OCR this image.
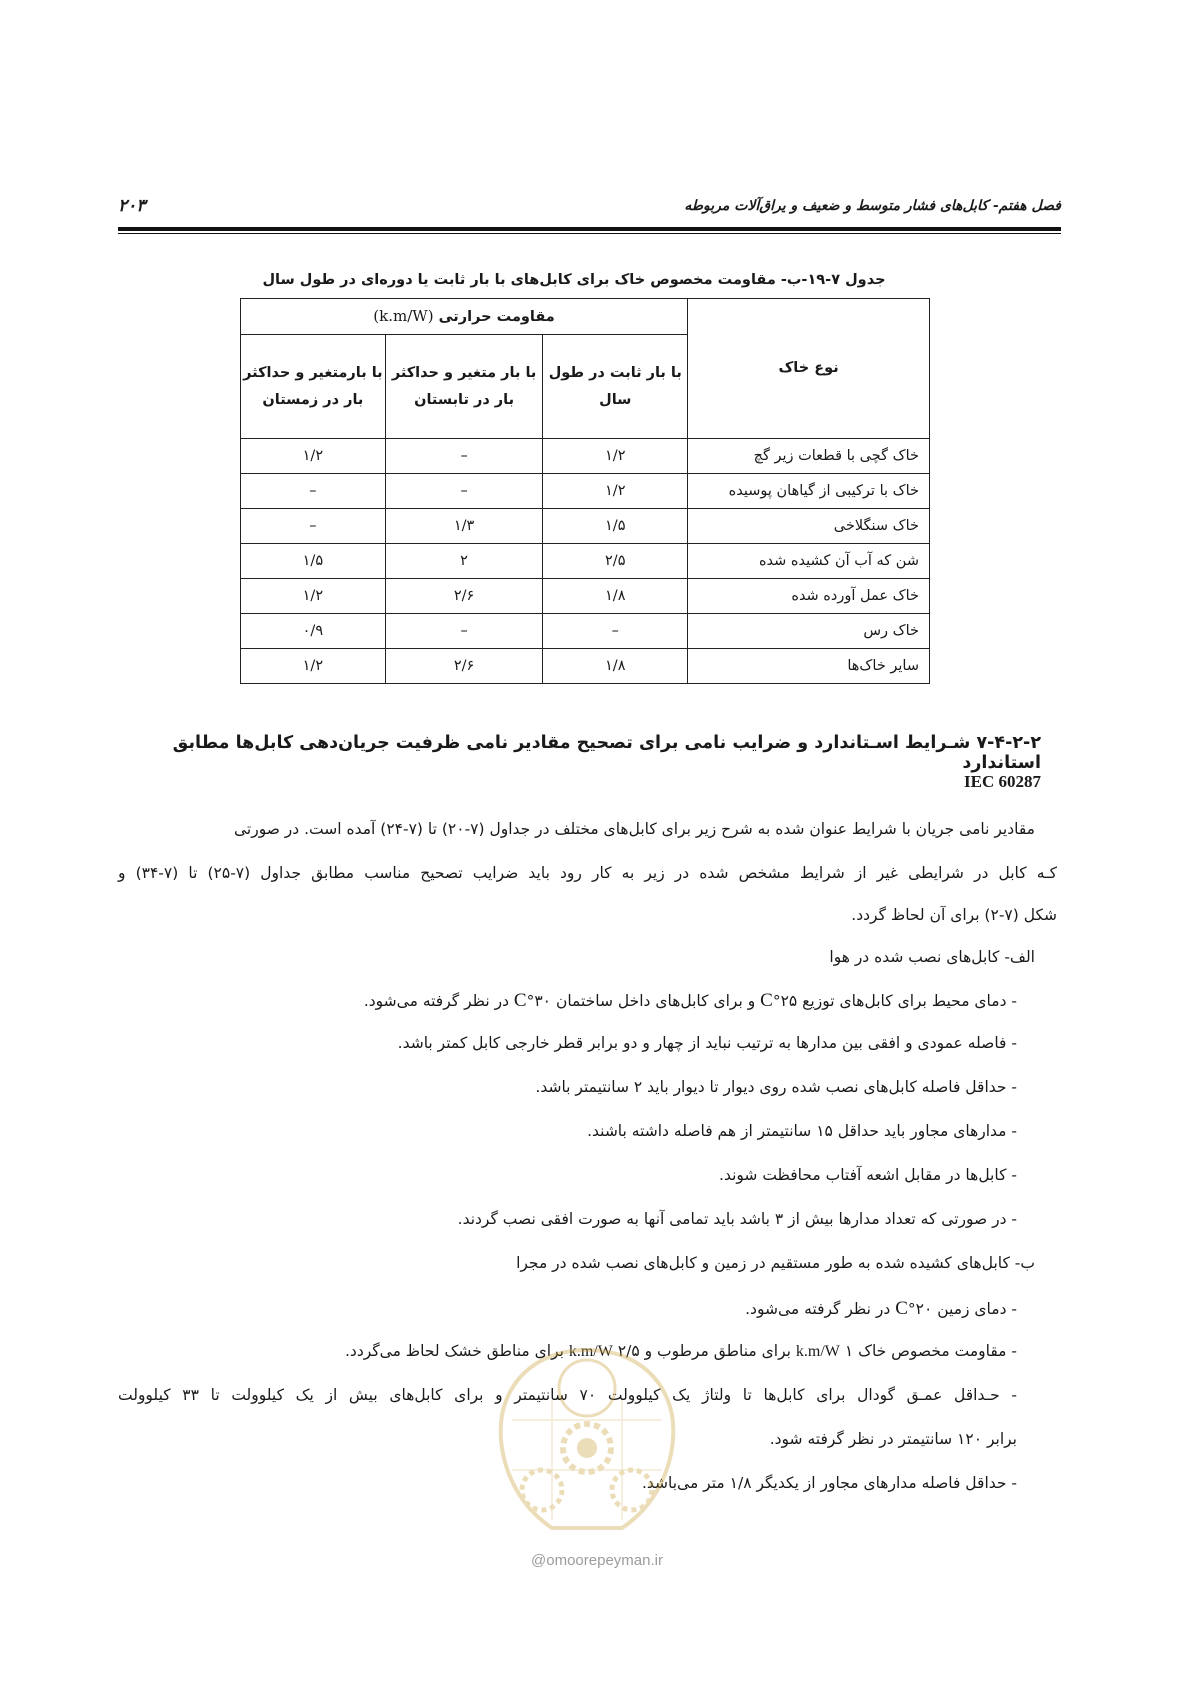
فصل هفتم- کابل‌های فشار متوسط و ضعیف و یراق‌آلات مربوطه
۲۰۳
جدول ۷-۱۹-ب- مقاومت مخصوص خاک برای کابل‌های با بار ثابت یا دوره‌ای در طول سال
نوع خاک	مقاومت حرارتی (k.m/W)		
	با بار ثابت در طول سال	با بار متغیر و حداکثر بار در تابستان	با بارمتغیر و حداکثر بار در زمستان
خاک گچی با قطعات زیر گچ	۱/۲	–	۱/۲
خاک با ترکیبی از گیاهان پوسیده	۱/۲	–	–
خاک سنگلاخی	۱/۵	۱/۳	–
شن که آب آن کشیده شده	۲/۵	۲	۱/۵
خاک عمل آورده شده	۱/۸	۲/۶	۱/۲
خاک رس	–	–	۰/۹
سایر خاک‌ها	۱/۸	۲/۶	۱/۲
۷-۴-۲-۲ شـرایط اسـتاندارد و ضرایب نامی برای تصحیح مقادیر نامی ظرفیت جریان‌دهی کابل‌ها مطابق استاندارد
IEC 60287
مقادیر نامی جریان با شرایط عنوان شده به شرح زیر برای کابل‌های مختلف در جداول (۷-۲۰) تا (۷-۲۴) آمده است. در صورتی
کـه کابل در شرایطی غیر از شرایط مشخص شده در زیر به کار رود باید ضرایب تصحیح مناسب مطابق جداول (۷-۲۵) تا (۷-۳۴) و
شکل (۷-۲) برای آن لحاظ گردد.
الف- کابل‌های نصب شده در هوا
- دمای محیط برای کابل‌های توزیع ۲۵°C و برای کابل‌های داخل ساختمان ۳۰°C در نظر گرفته می‌شود.
- فاصله عمودی و افقی بین مدارها به ترتیب نباید از چهار و دو برابر قطر خارجی کابل کمتر باشد.
- حداقل فاصله کابل‌های نصب شده روی دیوار تا دیوار باید ۲ سانتیمتر باشد.
- مدارهای مجاور باید حداقل ۱۵ سانتیمتر از هم فاصله داشته باشند.
- کابل‌ها در مقابل اشعه آفتاب محافظت شوند.
- در صورتی که تعداد مدارها بیش از ۳ باشد باید تمامی آنها به صورت افقی نصب گردند.
ب- کابل‌های کشیده شده به طور مستقیم در زمین و کابل‌های نصب شده در مجرا
- دمای زمین ۲۰°C در نظر گرفته می‌شود.
- مقاومت مخصوص خاک k.m/W ۱ برای مناطق مرطوب و k.m/W ۲/۵ برای مناطق خشک لحاظ می‌گردد.
- حـداقل عمـق گودال برای کابل‌ها تا ولتاژ یک کیلوولت ۷۰ سانتیمتر و برای کابل‌های بیش از یک کیلوولت تا ۳۳ کیلوولت
برابر ۱۲۰ سانتیمتر در نظر گرفته شود.
- حداقل فاصله مدارهای مجاور از یکدیگر ۱/۸ متر می‌باشد.
@omoorepeyman.ir
